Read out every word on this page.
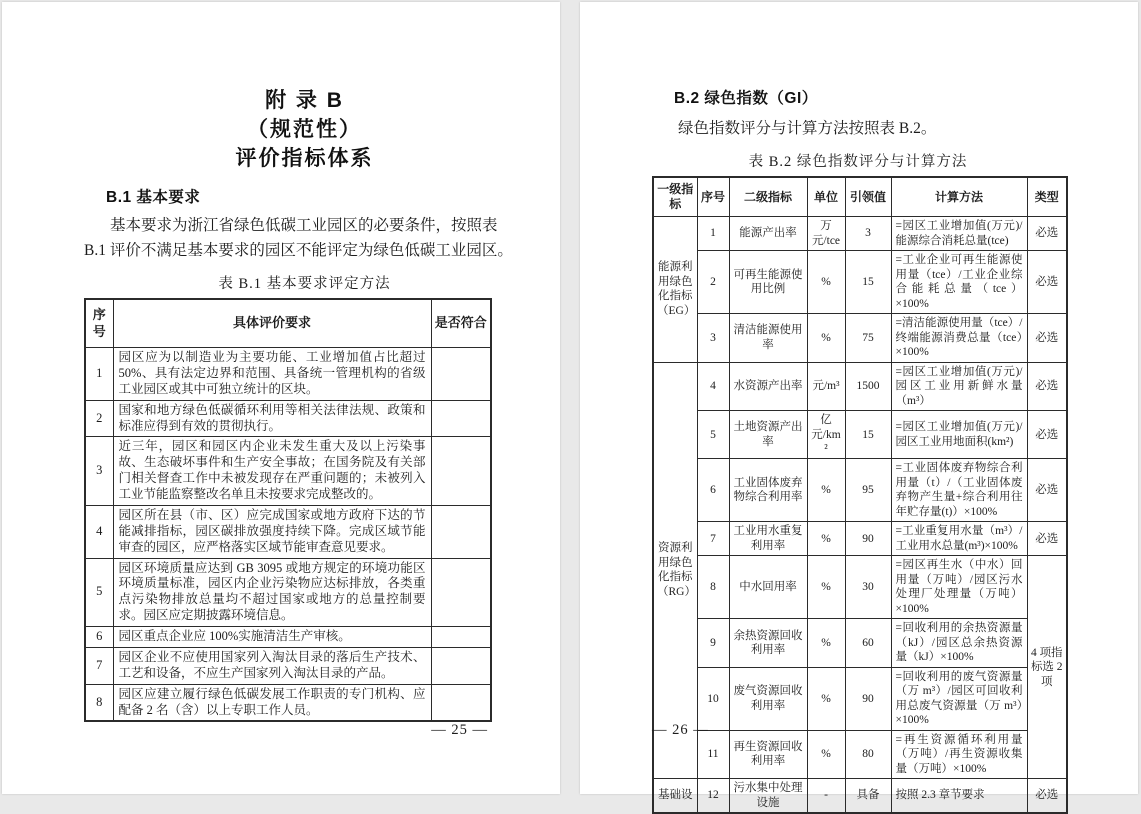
附 录 B
（规范性）
评价指标体系
B.1 基本要求
基本要求为浙江省绿色低碳工业园区的必要条件，按照表
B.1 评价不满足基本要求的园区不能评定为绿色低碳工业园区。
表 B.1 基本要求评定方法
序号	具体评价要求	是否符合
1	园区应为以制造业为主要功能、工业增加值占比超过 50%、具有法定边界和范围、具备统一管理机构的省级工业园区或其中可独立统计的区块。	
2	国家和地方绿色低碳循环利用等相关法律法规、政策和标准应得到有效的贯彻执行。	
3	近三年，园区和园区内企业未发生重大及以上污染事故、生态破坏事件和生产安全事故；在国务院及有关部门相关督查工作中未被发现存在严重问题的；未被列入工业节能监察整改名单且未按要求完成整改的。	
4	园区所在县（市、区）应完成国家或地方政府下达的节能减排指标，园区碳排放强度持续下降。完成区域节能审查的园区，应严格落实区域节能审查意见要求。	
5	园区环境质量应达到 GB 3095 或地方规定的环境功能区环境质量标准，园区内企业污染物应达标排放，各类重点污染物排放总量均不超过国家或地方的总量控制要求。园区应定期披露环境信息。	
6	园区重点企业应 100%实施清洁生产审核。	
7	园区企业不应使用国家列入淘汰目录的落后生产技术、工艺和设备，不应生产国家列入淘汰目录的产品。	
8	园区应建立履行绿色低碳发展工作职责的专门机构、应配备 2 名（含）以上专职工作人员。	
— 25 —
B.2 绿色指数（GI）
绿色指数评分与计算方法按照表 B.2。
表 B.2 绿色指数评分与计算方法
一级指标	序号	二级指标	单位	引领值	计算方法	类型
能源利用绿色化指标（EG）	1	能源产出率	万元/tce	3	=园区工业增加值(万元)/能源综合消耗总量(tce)	必选
	2	可再生能源使用比例	%	15	=工业企业可再生能源使用量（tce）/工业企业综合能耗总量（tce）×100%	必选
	3	清洁能源使用率	%	75	=清洁能源使用量（tce）/终端能源消费总量（tce）×100%	必选
资源利用绿色化指标（RG）	4	水资源产出率	元/m³	1500	=园区工业增加值(万元)/园区工业用新鲜水量（m³）	必选
	5	土地资源产出率	亿元/km²	15	=园区工业增加值(万元)/园区工业用地面积(km²)	必选
	6	工业固体废弃物综合利用率	%	95	=工业固体废弃物综合利用量（t）/（工业固体废弃物产生量+综合利用往年贮存量(t)）×100%	必选
	7	工业用水重复利用率	%	90	=工业重复用水量（m³）/工业用水总量(m³)×100%	必选
	8	中水回用率	%	30	=园区再生水（中水）回用量（万吨）/园区污水处理厂处理量（万吨）×100%	4 项指标选 2 项
	9	余热资源回收利用率	%	60	=回收利用的余热资源量（kJ）/园区总余热资源量（kJ）×100%	
	10	废气资源回收利用率	%	90	=回收利用的废气资源量（万 m³）/园区可回收利用总废气资源量（万 m³）×100%	
	11	再生资源回收利用率	%	80	=再生资源循环利用量（万吨）/再生资源收集量（万吨）×100%	
基础设	12	污水集中处理设施	-	具备	按照 2.3 章节要求	必选
— 26 —
